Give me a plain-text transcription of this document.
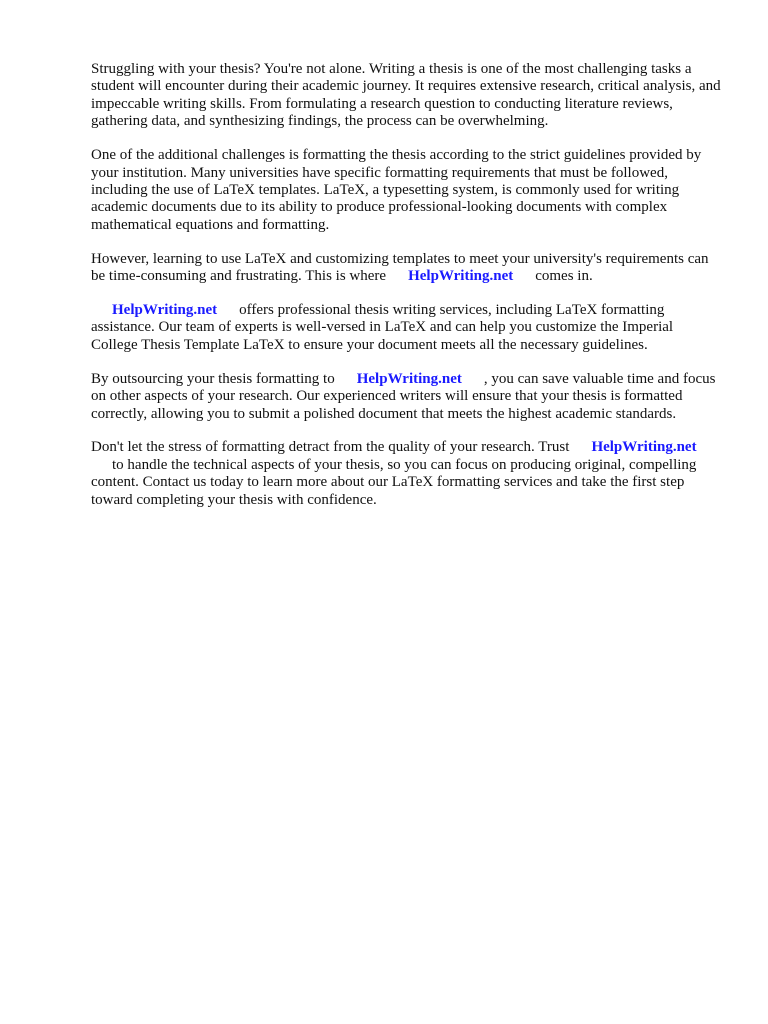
Struggling with your thesis? You're not alone. Writing a thesis is one of the most challenging tasks a student will encounter during their academic journey. It requires extensive research, critical analysis, and impeccable writing skills. From formulating a research question to conducting literature reviews, gathering data, and synthesizing findings, the process can be overwhelming.

One of the additional challenges is formatting the thesis according to the strict guidelines provided by your institution. Many universities have specific formatting requirements that must be followed, including the use of LaTeX templates. LaTeX, a typesetting system, is commonly used for writing academic documents due to its ability to produce professional-looking documents with complex mathematical equations and formatting.

However, learning to use LaTeX and customizing templates to meet your university's requirements can be time-consuming and frustrating. This is where HelpWriting.net comes in.

HelpWriting.net offers professional thesis writing services, including LaTeX formatting assistance. Our team of experts is well-versed in LaTeX and can help you customize the Imperial College Thesis Template LaTeX to ensure your document meets all the necessary guidelines.

By outsourcing your thesis formatting to HelpWriting.net , you can save valuable time and focus on other aspects of your research. Our experienced writers will ensure that your thesis is formatted correctly, allowing you to submit a polished document that meets the highest academic standards.

Don't let the stress of formatting detract from the quality of your research. Trust HelpWriting.net
to handle the technical aspects of your thesis, so you can focus on producing original, compelling content. Contact us today to learn more about our LaTeX formatting services and take the first step toward completing your thesis with confidence.
